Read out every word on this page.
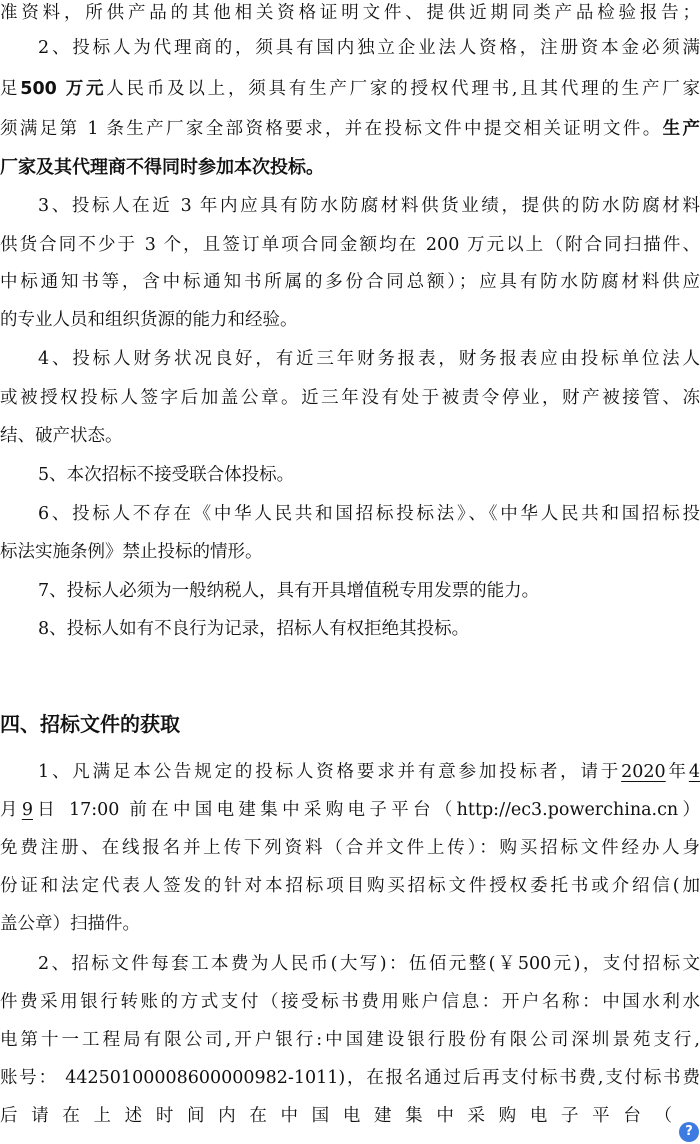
准资料，所供产品的其他相关资格证明文件、提供近期同类产品检验报告；
2、投标人为代理商的，须具有国内独立企业法人资格，注册资本金必须满
足500 万元人民币及以上，须具有生产厂家的授权代理书,且其代理的生产厂家
须满足第 1 条生产厂家全部资格要求，并在投标文件中提交相关证明文件。生产
厂家及其代理商不得同时参加本次投标。
3、投标人在近 3 年内应具有防水防腐材料供货业绩，提供的防水防腐材料
供货合同不少于 3 个，且签订单项合同金额均在 200 万元以上（附合同扫描件、
中标通知书等，含中标通知书所属的多份合同总额）；应具有防水防腐材料供应
的专业人员和组织货源的能力和经验。
4、投标人财务状况良好，有近三年财务报表，财务报表应由投标单位法人
或被授权投标人签字后加盖公章。近三年没有处于被责令停业，财产被接管、冻
结、破产状态。
5、本次招标不接受联合体投标。
6、投标人不存在《中华人民共和国招标投标法》、《中华人民共和国招标投
标法实施条例》禁止投标的情形。
7、投标人必须为一般纳税人，具有开具增值税专用发票的能力。
8、投标人如有不良行为记录，招标人有权拒绝其投标。
四、招标文件的获取
1、凡满足本公告规定的投标人资格要求并有意参加投标者，请于2020年4
月9日 17:00 前在中国电建集中采购电子平台（http://ec3.powerchina.cn）
免费注册、在线报名并上传下列资料（合并文件上传）：购买招标文件经办人身
份证和法定代表人签发的针对本招标项目购买招标文件授权委托书或介绍信(加
盖公章）扫描件。
2、招标文件每套工本费为人民币(大写)：伍佰元整(￥500元)，支付招标文
件费采用银行转账的方式支付（接受标书费用账户信息：开户名称：中国水利水
电第十一工程局有限公司,开户银行:中国建设银行股份有限公司深圳景苑支行,
账号： 44250100008600000982-1011)，在报名通过后再支付标书费,支付标书费
后请在上述时间内在中国电建集中采购电子平台（
?
